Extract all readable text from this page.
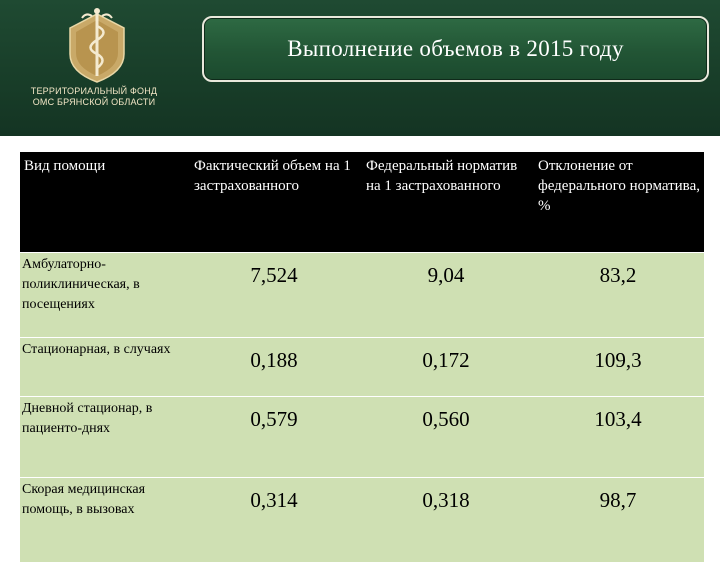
ТЕРРИТОРИАЛЬНЫЙ ФОНД
ОМС БРЯНСКОЙ ОБЛАСТИ
Выполнение объемов в 2015 году
Вид помощи	Фактический объем на 1 застрахованного	Федеральный норматив на 1 застрахованного	Отклонение от федерального норматива, %
Амбулаторно-поликлиническая, в посещениях	7,524	9,04	83,2
Стационарная, в случаях	0,188	0,172	109,3
Дневной стационар, в пациенто-днях	0,579	0,560	103,4
Скорая медицинская помощь, в вызовах	0,314	0,318	98,7
